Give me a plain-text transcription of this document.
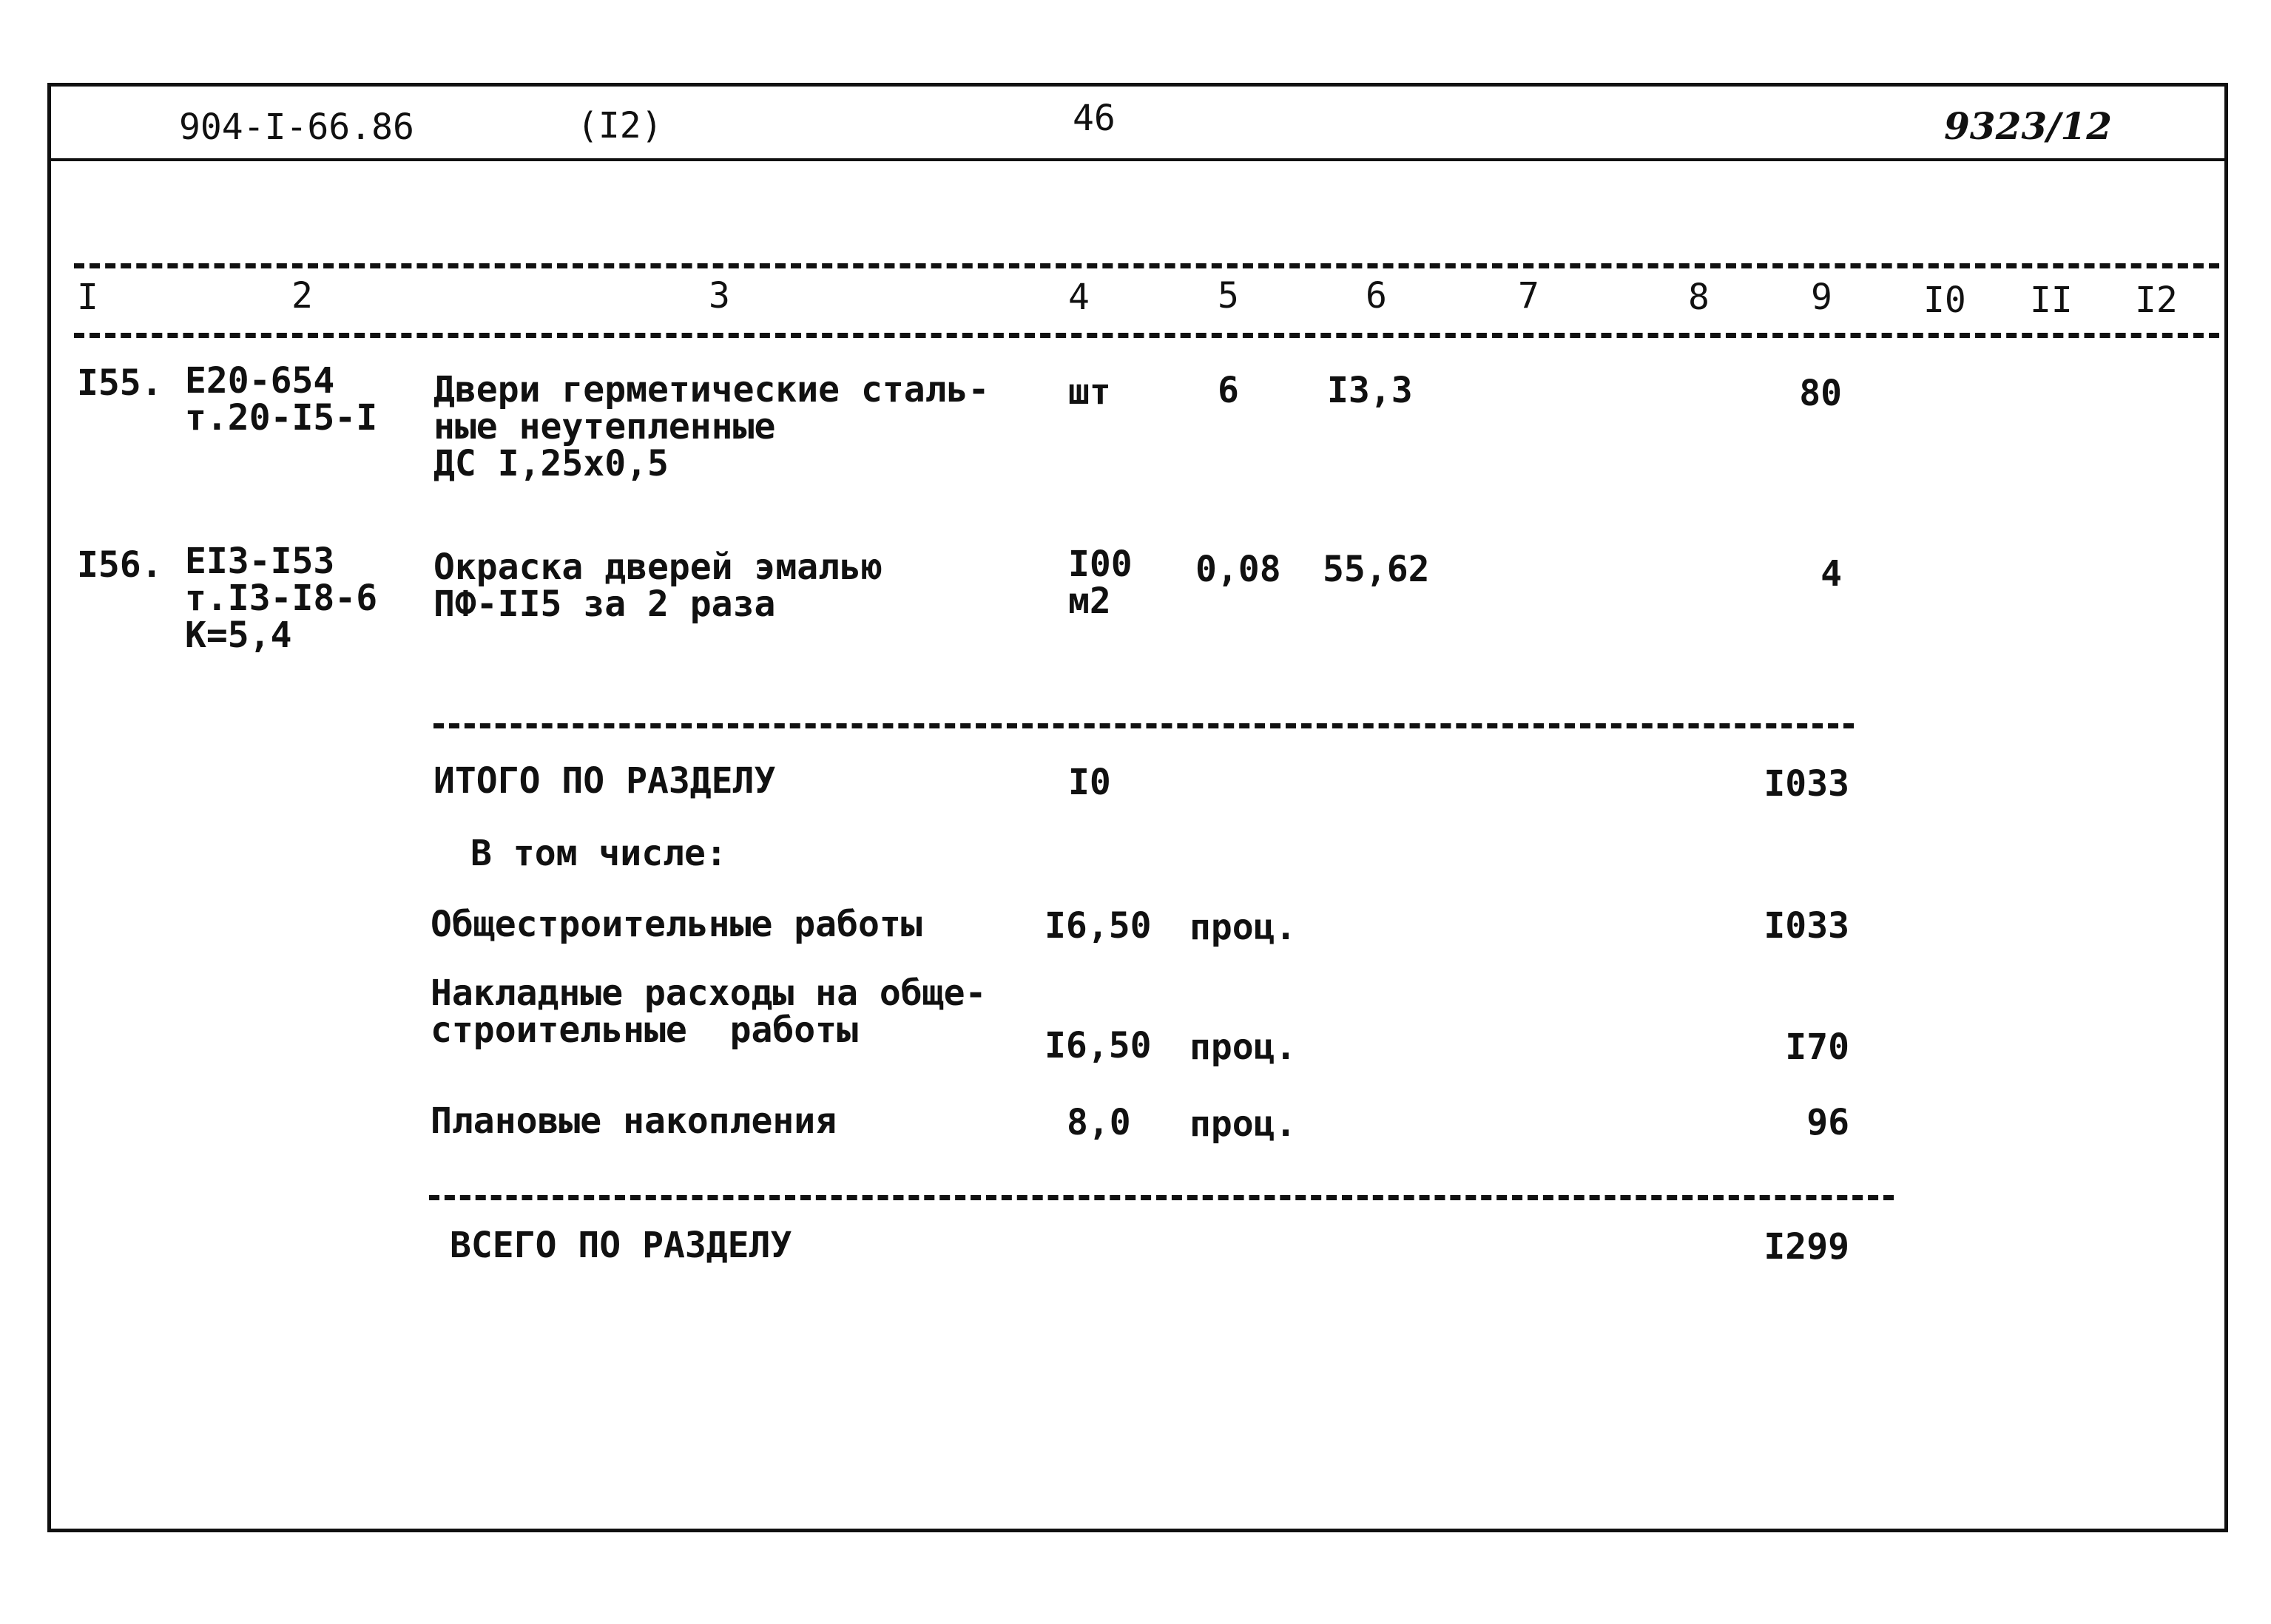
904-I-66.86	(I2)	46	9323/12
I	2	3	4	5	6	7	8	9	I0 II I2
I55. E20-654
т.20-I5-I
Двери герметические сталь-
ные неутепленные
ДС I,25x0,5
шт	6 I3,3	80
I56. EI3-I53
т.I3-I8-6
K=5,4
Окраска дверей эмалью
ПФ-II5 за 2 раза
I00
м2
0,08 55,62	4
ИТОГО ПО РАЗДЕЛУ	I0	I033
В том числе:
Общестроительные работы	I6,50 проц.	I033
Накладные расходы на обще-
строительные  работы	I6,50 проц.	I70
Плановые накопления	8,0 проц.	96
ВСЕГО ПО РАЗДЕЛУ	I299
